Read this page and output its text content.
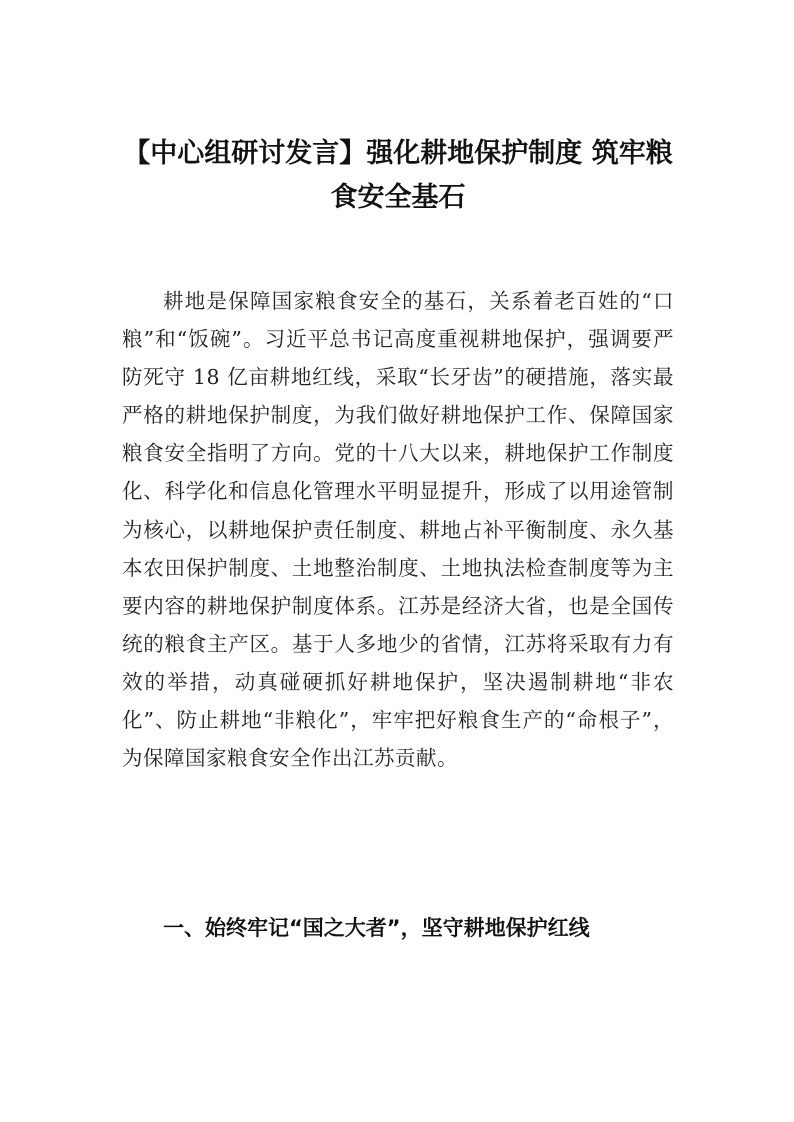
【中心组研讨发言】强化耕地保护制度 筑牢粮食安全基石

耕地是保障国家粮食安全的基石，关系着老百姓的“口粮”和“饭碗”。习近平总书记高度重视耕地保护，强调要严防死守 18 亿亩耕地红线，采取“长牙齿”的硬措施，落实最严格的耕地保护制度，为我们做好耕地保护工作、保障国家粮食安全指明了方向。党的十八大以来，耕地保护工作制度化、科学化和信息化管理水平明显提升，形成了以用途管制为核心，以耕地保护责任制度、耕地占补平衡制度、永久基本农田保护制度、土地整治制度、土地执法检查制度等为主要内容的耕地保护制度体系。江苏是经济大省，也是全国传统的粮食主产区。基于人多地少的省情，江苏将采取有力有效的举措，动真碰硬抓好耕地保护，坚决遏制耕地“非农化”、防止耕地“非粮化”，牢牢把好粮食生产的“命根子”，为保障国家粮食安全作出江苏贡献。

一、始终牢记“国之大者”，坚守耕地保护红线
